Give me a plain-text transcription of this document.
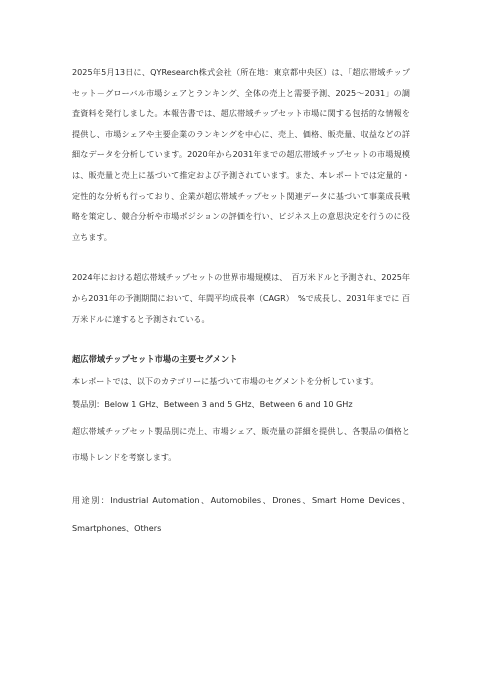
2025年5月13日に、QYResearch株式会社（所在地：東京都中央区）は、「超広帯域チップセット－グローバル市場シェアとランキング、全体の売上と需要予測、2025～2031」の調査資料を発行しました。本報告書では、超広帯域チップセット市場に関する包括的な情報を提供し、市場シェアや主要企業のランキングを中心に、売上、価格、販売量、収益などの詳細なデータを分析しています。2020年から2031年までの超広帯域チップセットの市場規模は、販売量と売上に基づいて推定および予測されています。また、本レポートでは定量的・定性的な分析も行っており、企業が超広帯域チップセット関連データに基づいて事業成長戦略を策定し、競合分析や市場ポジションの評価を行い、ビジネス上の意思決定を行うのに役立ちます。

2024年における超広帯域チップセットの世界市場規模は、　百万米ドルと予測され、2025年から2031年の予測期間において、年間平均成長率（CAGR）　%で成長し、2031年までに 百万米ドルに達すると予測されている。

超広帯域チップセット市場の主要セグメント

本レポートでは、以下のカテゴリーに基づいて市場のセグメントを分析しています。

製品別：Below 1 GHz、Between 3 and 5 GHz、Between 6 and 10 GHz

超広帯域チップセット製品別に売上、市場シェア、販売量の詳細を提供し、各製品の価格と市場トレンドを考察します。

用途別：Industrial Automation、Automobiles、Drones、Smart Home Devices、Smartphones、Others
